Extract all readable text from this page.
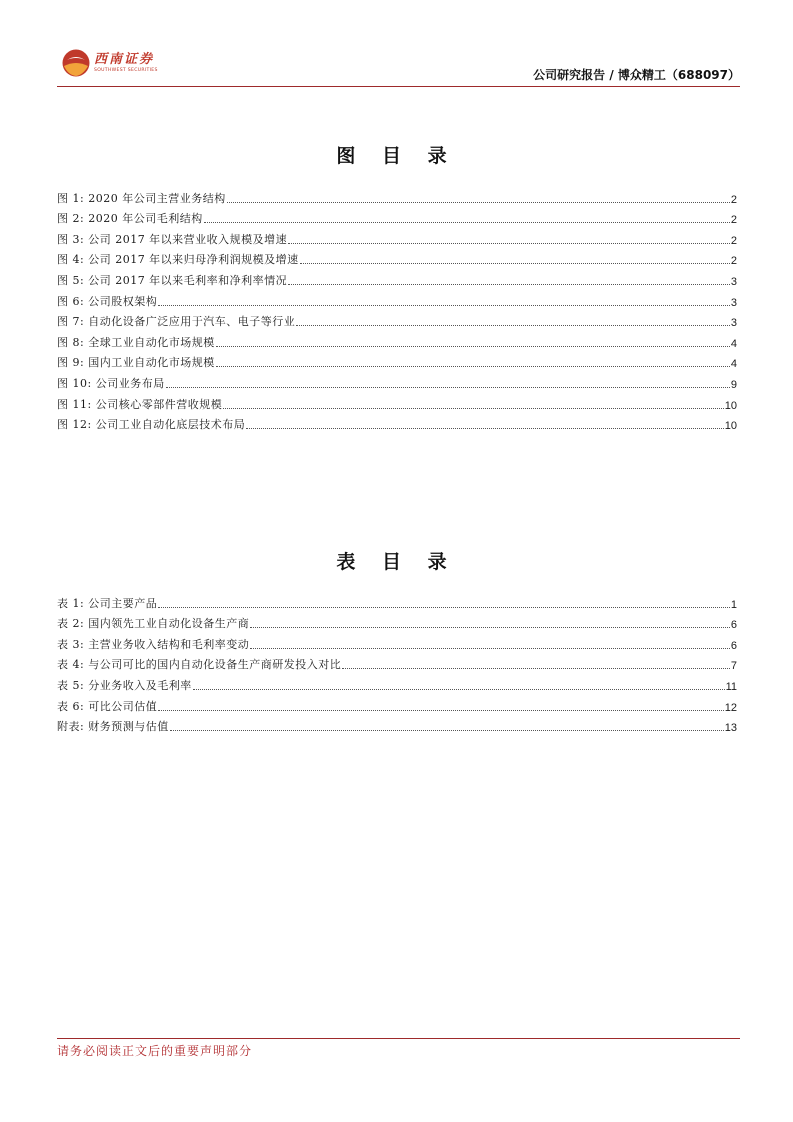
西南证券
SOUTHWEST SECURITIES	公司研究报告 / 博众精工（688097）
图 目 录
图 1: 2020 年公司主营业务结构	2
图 2: 2020 年公司毛利结构	2
图 3: 公司 2017 年以来营业收入规模及增速	2
图 4: 公司 2017 年以来归母净利润规模及增速	2
图 5: 公司 2017 年以来毛利率和净利率情况	3
图 6: 公司股权架构	3
图 7: 自动化设备广泛应用于汽车、电子等行业	3
图 8: 全球工业自动化市场规模	4
图 9: 国内工业自动化市场规模	4
图 10: 公司业务布局	9
图 11: 公司核心零部件营收规模	10
图 12: 公司工业自动化底层技术布局	10
表 目 录
表 1: 公司主要产品	1
表 2: 国内领先工业自动化设备生产商	6
表 3: 主营业务收入结构和毛利率变动	6
表 4: 与公司可比的国内自动化设备生产商研发投入对比	7
表 5: 分业务收入及毛利率	11
表 6: 可比公司估值	12
附表: 财务预测与估值	13
请务必阅读正文后的重要声明部分
